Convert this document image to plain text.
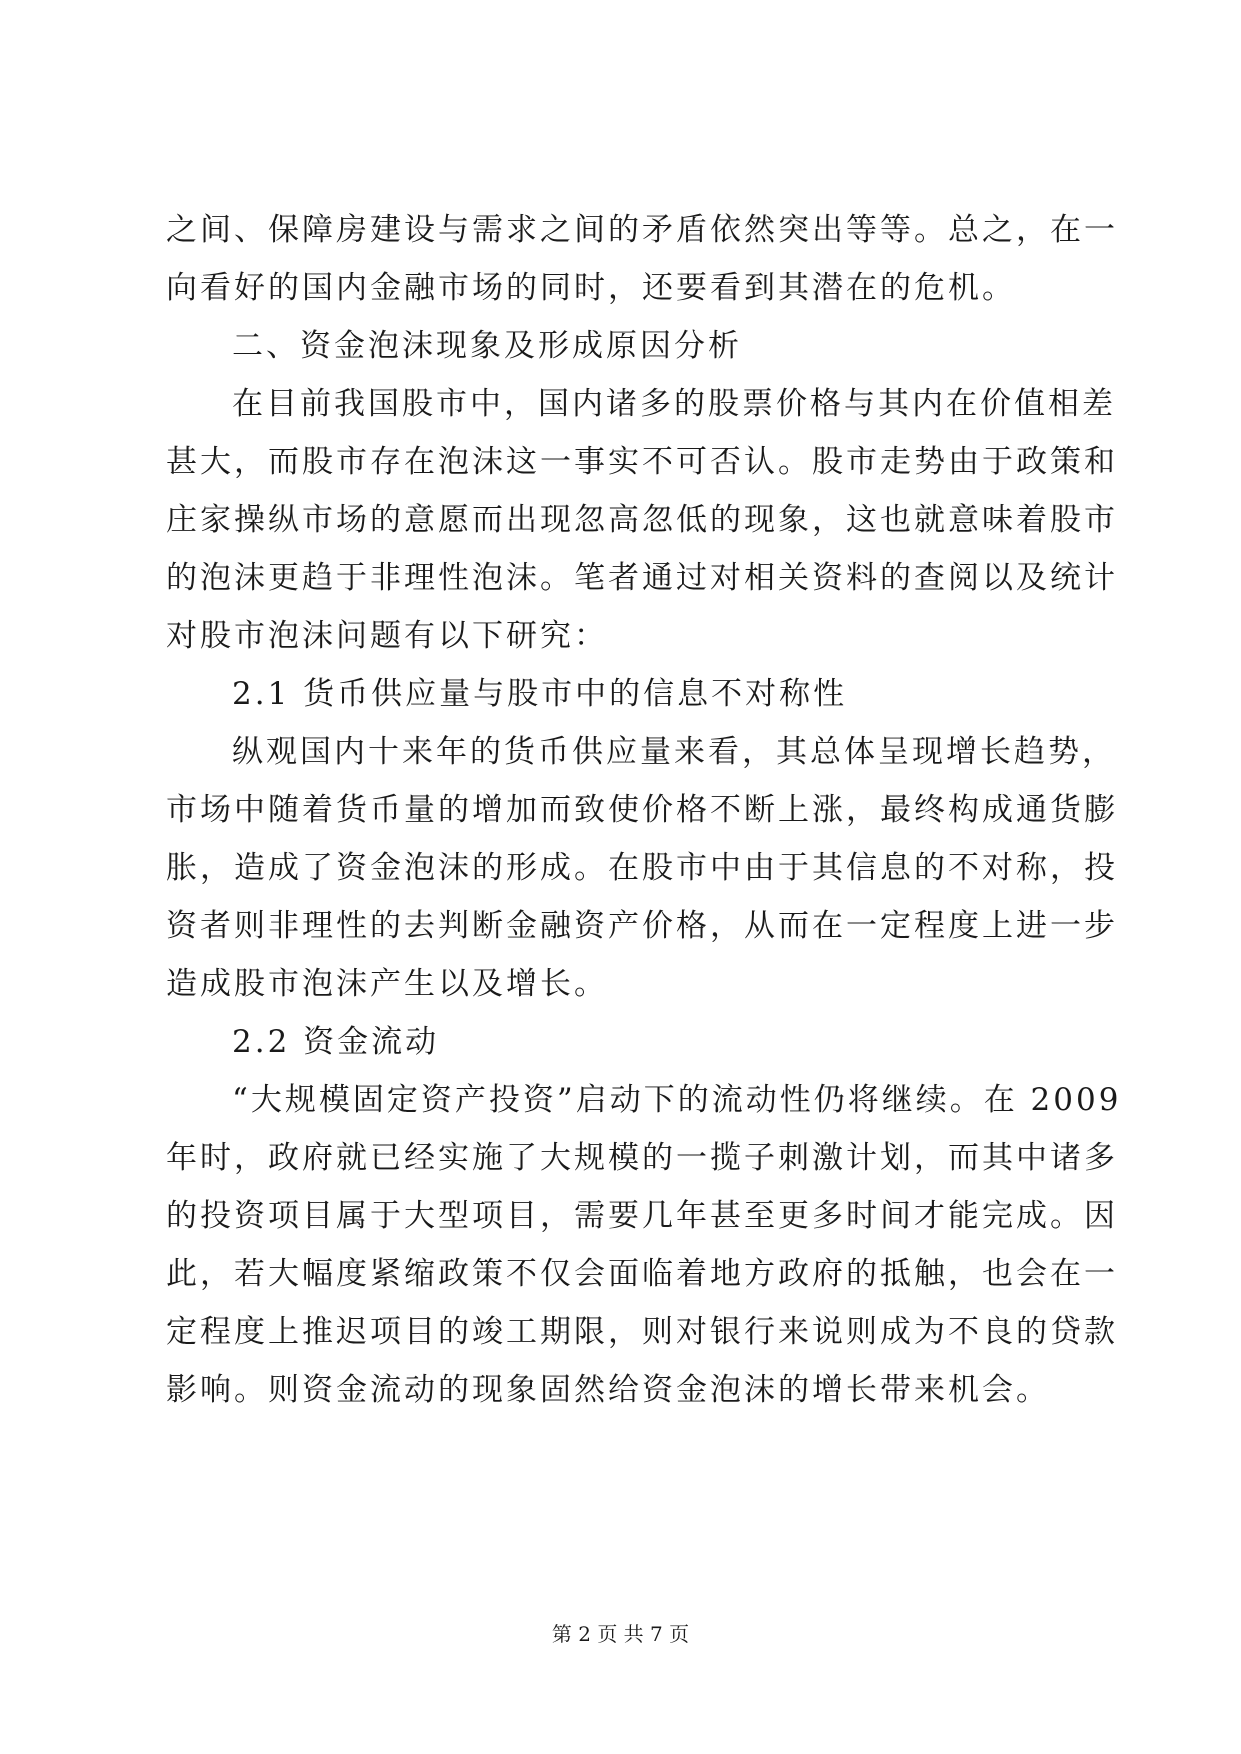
之间、保障房建设与需求之间的矛盾依然突出等等。总之，在一
向看好的国内金融市场的同时，还要看到其潜在的危机。
二、资金泡沫现象及形成原因分析
在目前我国股市中，国内诸多的股票价格与其内在价值相差
甚大，而股市存在泡沫这一事实不可否认。股市走势由于政策和
庄家操纵市场的意愿而出现忽高忽低的现象，这也就意味着股市
的泡沫更趋于非理性泡沫。笔者通过对相关资料的查阅以及统计
对股市泡沫问题有以下研究：
2.1 货币供应量与股市中的信息不对称性
纵观国内十来年的货币供应量来看，其总体呈现增长趋势，
市场中随着货币量的增加而致使价格不断上涨，最终构成通货膨
胀，造成了资金泡沫的形成。在股市中由于其信息的不对称，投
资者则非理性的去判断金融资产价格，从而在一定程度上进一步
造成股市泡沫产生以及增长。
2.2 资金流动
“大规模固定资产投资”启动下的流动性仍将继续。在 2009
年时，政府就已经实施了大规模的一揽子刺激计划，而其中诸多
的投资项目属于大型项目，需要几年甚至更多时间才能完成。因
此，若大幅度紧缩政策不仅会面临着地方政府的抵触，也会在一
定程度上推迟项目的竣工期限，则对银行来说则成为不良的贷款
影响。则资金流动的现象固然给资金泡沫的增长带来机会。
第 2 页 共 7 页
